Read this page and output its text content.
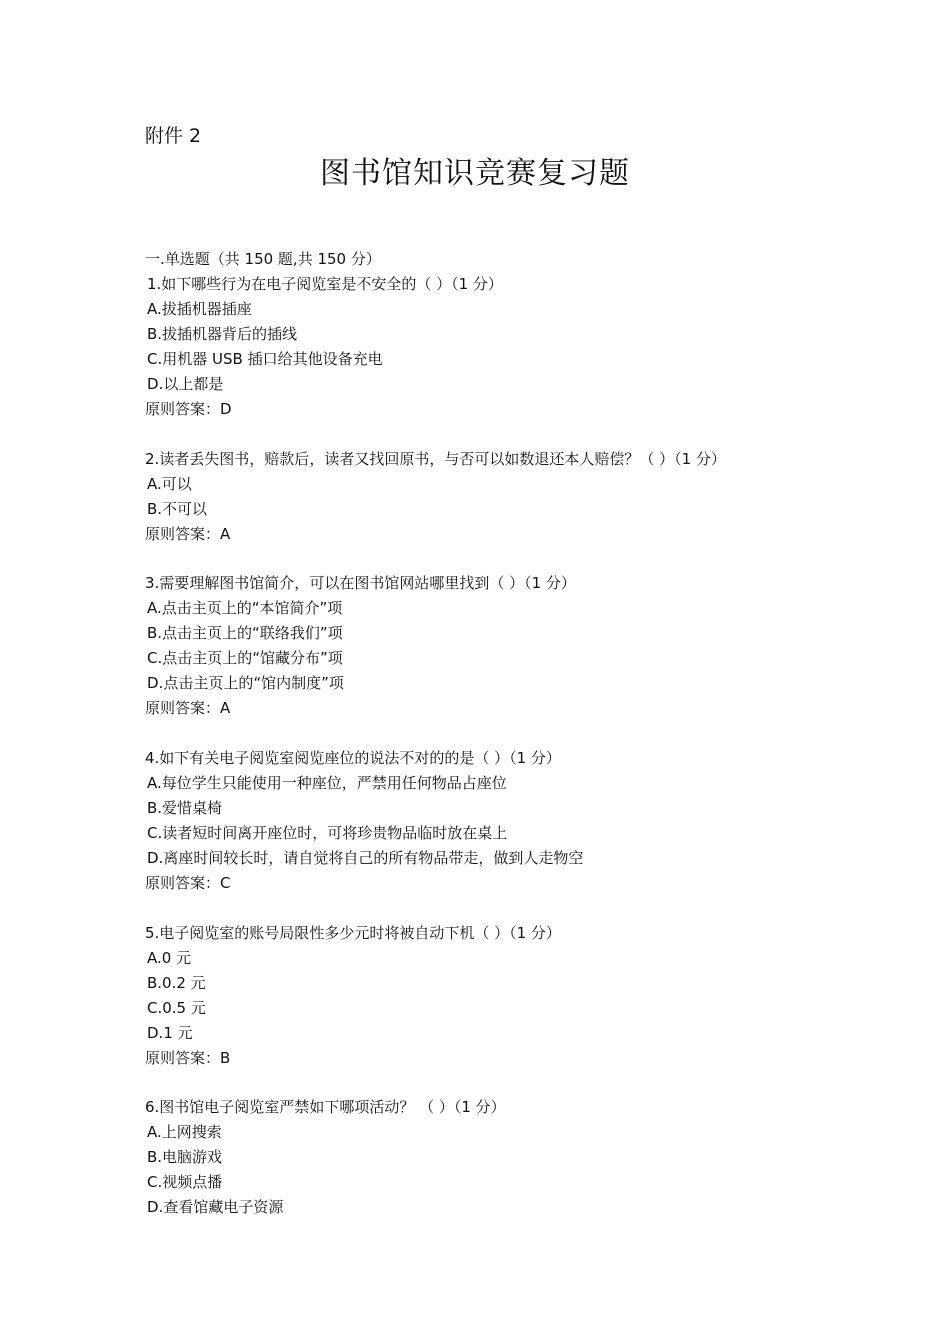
附件 2
图书馆知识竞赛复习题
一.单选题（共 150 题,共 150 分）
1.如下哪些行为在电子阅览室是不安全的（ ）（1 分）
A.拔插机器插座
B.拔插机器背后的插线
C.用机器 USB 插口给其他设备充电
D.以上都是
原则答案：D
2.读者丢失图书，赔款后，读者又找回原书，与否可以如数退还本人赔偿？（ ）（1 分）
A.可以
B.不可以
原则答案：A
3.需要理解图书馆简介，可以在图书馆网站哪里找到（ ）（1 分）
A.点击主页上的“本馆简介”项
B.点击主页上的“联络我们”项
C.点击主页上的“馆藏分布”项
D.点击主页上的“馆内制度”项
原则答案：A
4.如下有关电子阅览室阅览座位的说法不对的的是（ ）（1 分）
A.每位学生只能使用一种座位，严禁用任何物品占座位
B.爱惜桌椅
C.读者短时间离开座位时，可将珍贵物品临时放在桌上
D.离座时间较长时，请自觉将自己的所有物品带走，做到人走物空
原则答案：C
5.电子阅览室的账号局限性多少元时将被自动下机（ ）（1 分）
A.0 元
B.0.2 元
C.0.5 元
D.1 元
原则答案：B
6.图书馆电子阅览室严禁如下哪项活动？ （ ）（1 分）
A.上网搜索
B.电脑游戏
C.视频点播
D.查看馆藏电子资源
